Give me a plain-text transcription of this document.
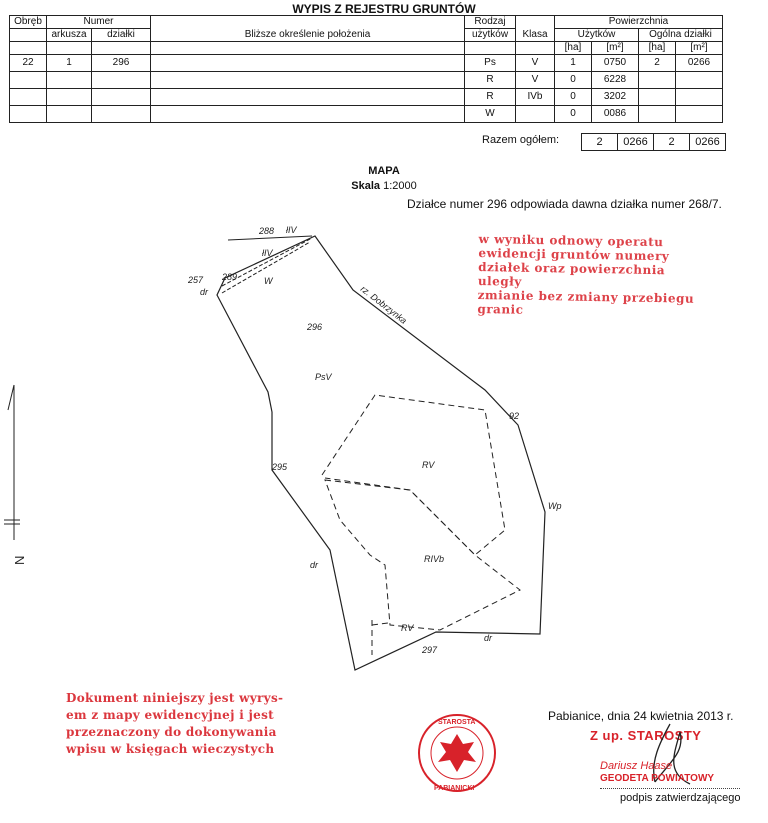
WYPIS Z REJESTRU GRUNTÓW
Obręb	Numer		Bliższe określenie położenia	Rodzaj	Klasa	Powierzchnia			
	arkusza	działki		użytków		Użytków		Ogólna działki	
						[ha]	[m²]	[ha]	[m²]
22	1	296		Ps	V	1	0750	2	0266
				R	V	0	6228		
				R	IVb	0	3202		
				W		0	0086		
Razem ogółem:	2	0266	2	0266
MAPA
Skala 1:2000
Działce numer 296 odpowiada dawna działka numer 268/7.
N
288 łIV
łIV
257 289	W
dr	rz. Dobrzynka
296
PsV
92
RV
295
Wp
RIVb
dr
RV
dr
297
w wyniku odnowy operatu
ewidencji gruntów numery
działek oraz powierzchnia uległy
zmianie bez zmiany przebiegu
granic
Dokument niniejszy jest wyrys-
em z mapy ewidencyjnej i jest
przeznaczony do dokonywania
wpisu w księgach wieczystych
STAROSTA
PABIANICKI
Pabianice, dnia 24 kwietnia 2013 r.
Z up. STAROSTY
Dariusz Haase
GEODETA POWIATOWY
podpis zatwierdzającego
